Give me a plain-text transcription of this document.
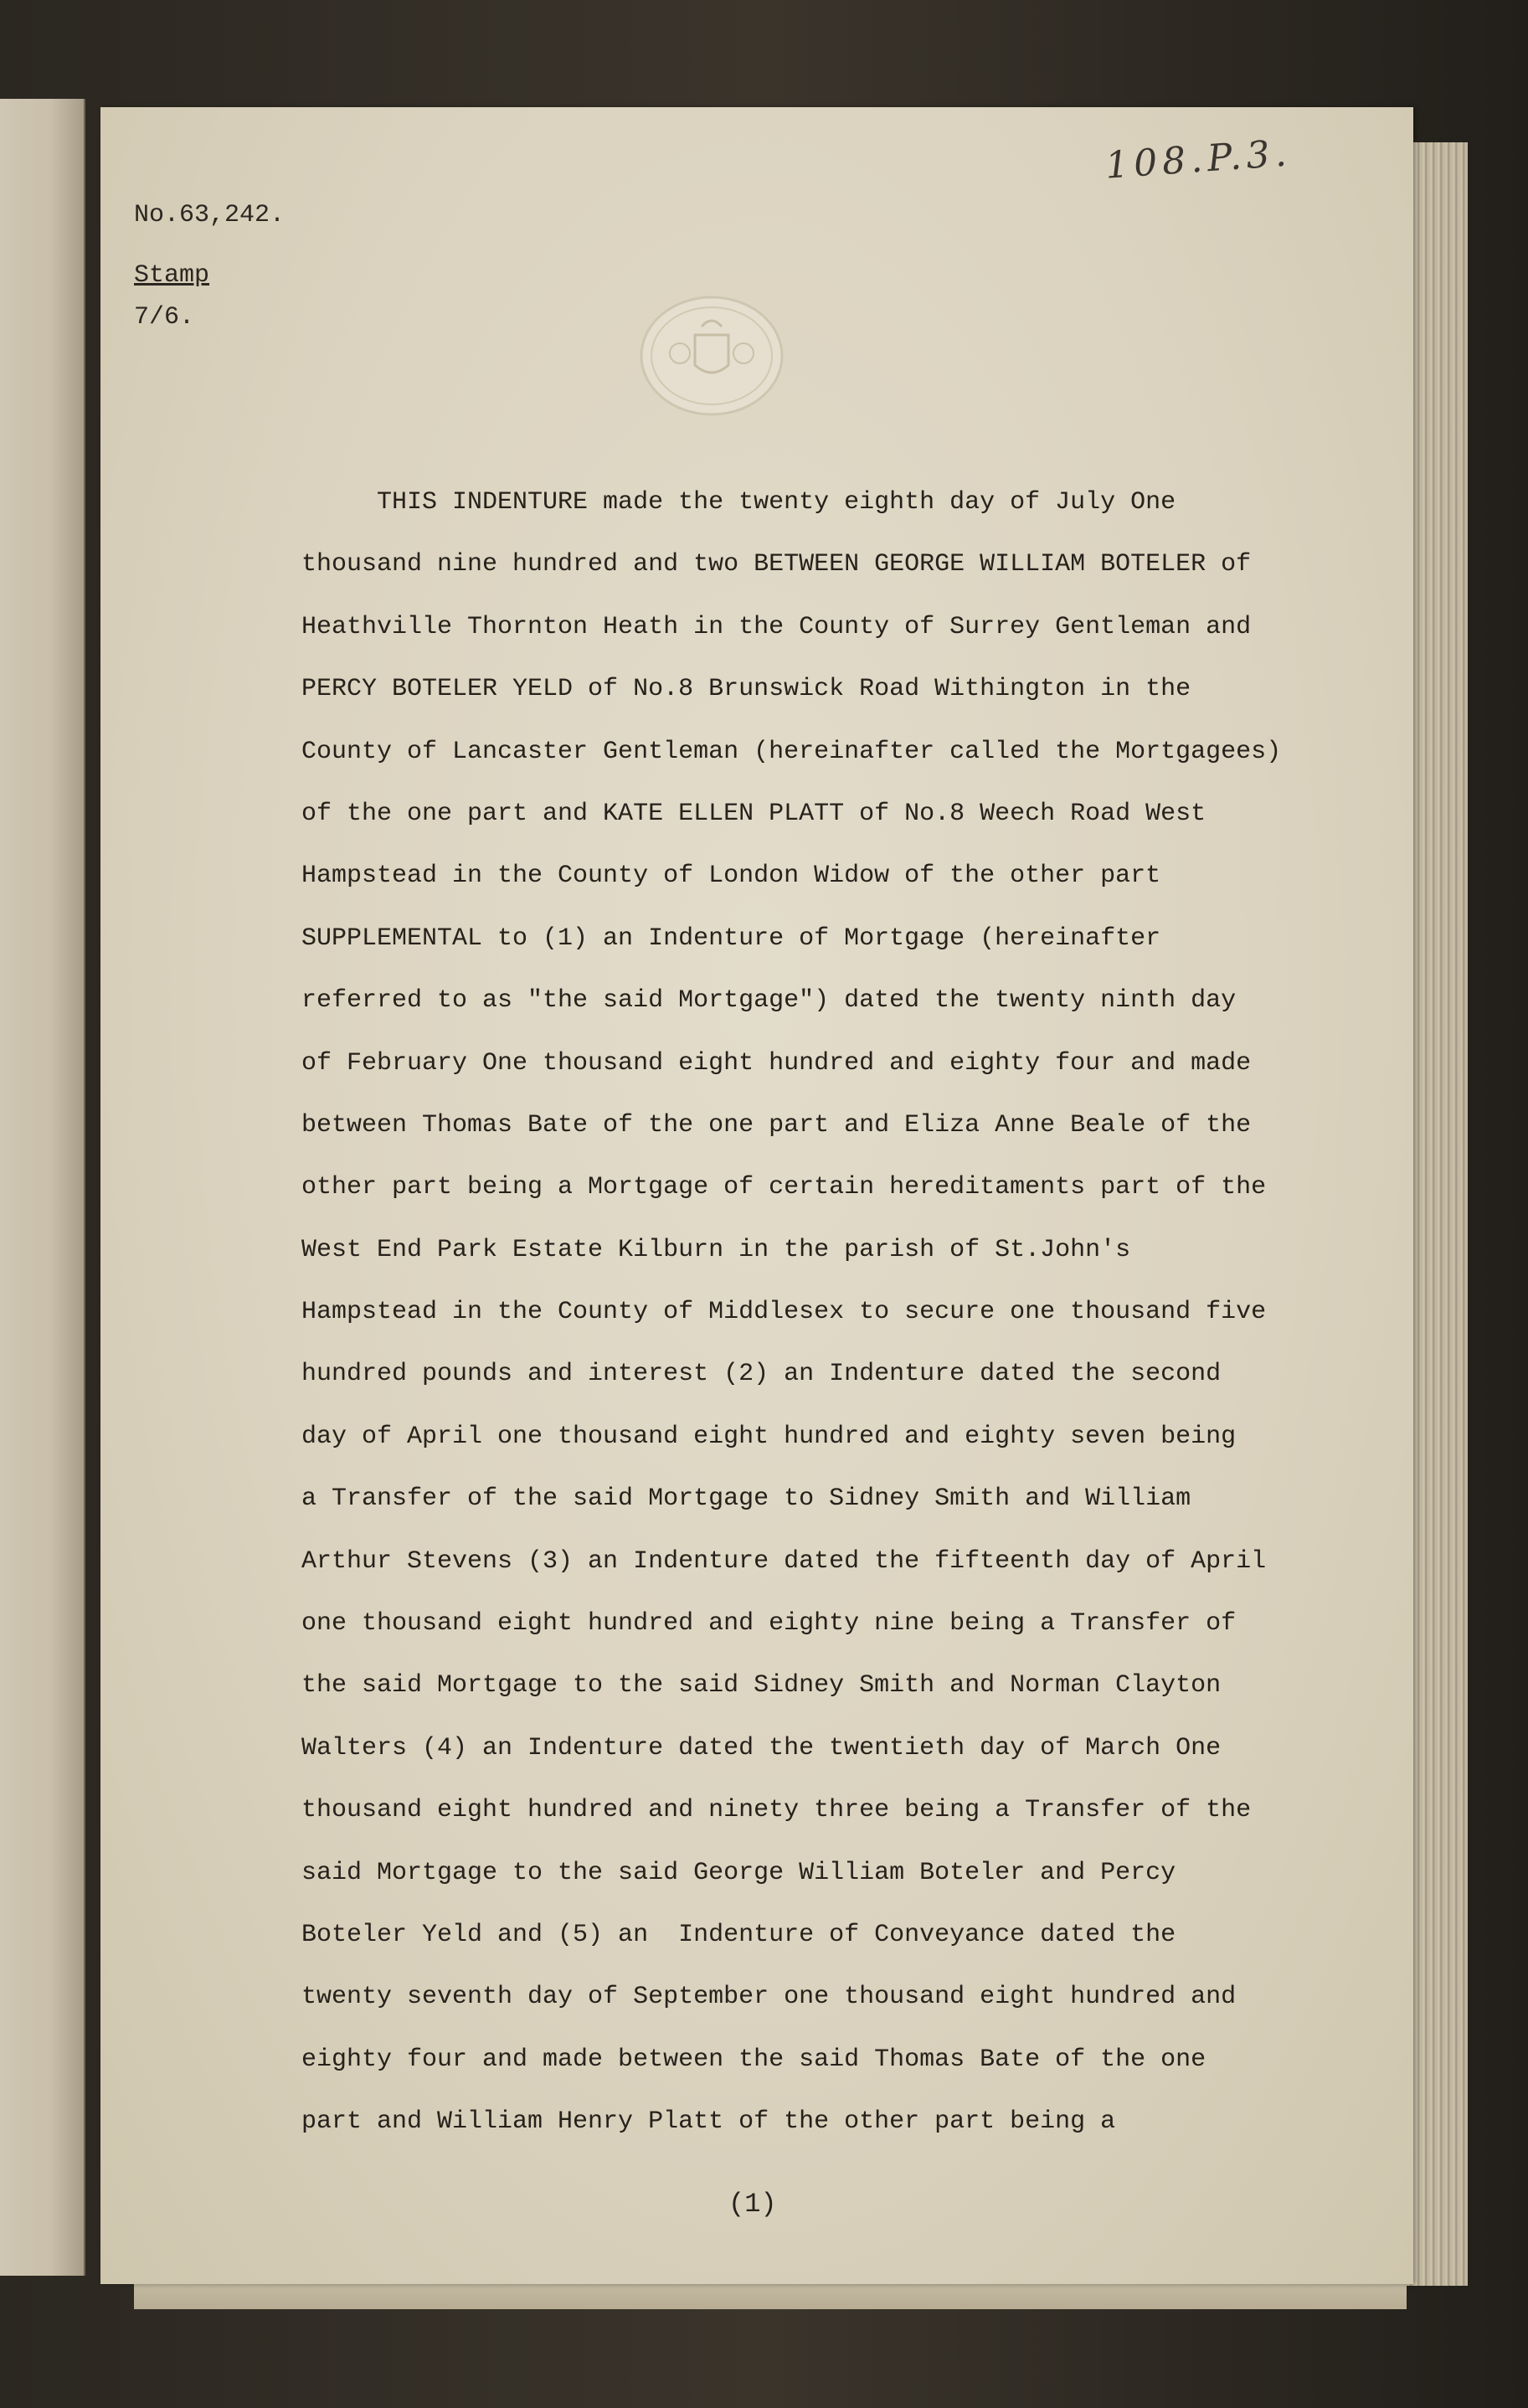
108.P.3.
No.63,242.
Stamp
7/6.
THIS INDENTURE made the twenty eighth day of July One
thousand nine hundred and two BETWEEN GEORGE WILLIAM BOTELER of
Heathville Thornton Heath in the County of Surrey Gentleman and
PERCY BOTELER YELD of No.8 Brunswick Road Withington in the
County of Lancaster Gentleman (hereinafter called the Mortgagees)
of the one part and KATE ELLEN PLATT of No.8 Weech Road West
Hampstead in the County of London Widow of the other part
SUPPLEMENTAL to (1) an Indenture of Mortgage (hereinafter
referred to as "the said Mortgage") dated the twenty ninth day
of February One thousand eight hundred and eighty four and made
between Thomas Bate of the one part and Eliza Anne Beale of the
other part being a Mortgage of certain hereditaments part of the
West End Park Estate Kilburn in the parish of St.John's
Hampstead in the County of Middlesex to secure one thousand five
hundred pounds and interest (2) an Indenture dated the second
day of April one thousand eight hundred and eighty seven being
a Transfer of the said Mortgage to Sidney Smith and William
Arthur Stevens (3) an Indenture dated the fifteenth day of April
one thousand eight hundred and eighty nine being a Transfer of
the said Mortgage to the said Sidney Smith and Norman Clayton
Walters (4) an Indenture dated the twentieth day of March One
thousand eight hundred and ninety three being a Transfer of the
said Mortgage to the said George William Boteler and Percy
Boteler Yeld and (5) an  Indenture of Conveyance dated the
twenty seventh day of September one thousand eight hundred and
eighty four and made between the said Thomas Bate of the one
part and William Henry Platt of the other part being a
(1)
